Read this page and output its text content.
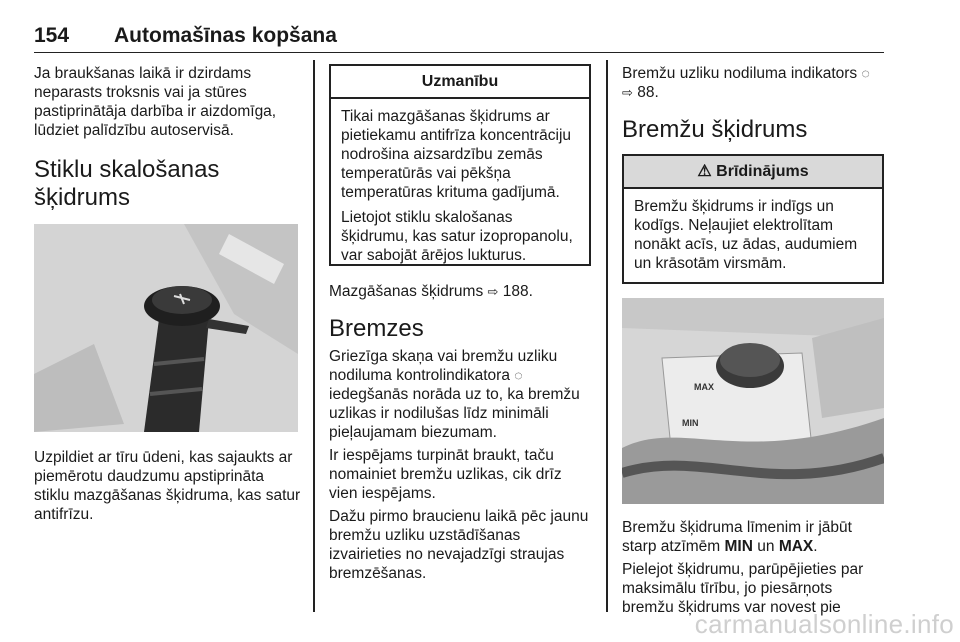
154 Automašīnas kopšana

Ja braukšanas laikā ir dzirdams neparasts troksnis vai ja stūres pastiprinātāja darbība ir aizdomīga, lūdziet palīdzību autoservisā.

Stiklu skalošanas šķidrums

Uzpildiet ar tīru ūdeni, kas sajaukts ar piemērotu daudzumu apstiprināta stiklu mazgāšanas šķidruma, kas satur antifrīzu.

Uzmanību

Tikai mazgāšanas šķidrums ar pietiekamu antifrīza koncentrāciju nodrošina aizsardzību zemās temperatūrās vai pēkšņa temperatūras krituma gadījumā.

Lietojot stiklu skalošanas šķidrumu, kas satur izopropanolu, var sabojāt ārējos lukturus.

Mazgāšanas šķidrums ⇨ 188.

Bremzes

Griezīga skaņa vai bremžu uzliku nodiluma kontrolindikatora ◌ iedegšanās norāda uz to, ka bremžu uzlikas ir nodilušas līdz minimāli pieļaujamam biezumam.

Ir iespējams turpināt braukt, taču nomainiet bremžu uzlikas, cik drīz vien iespējams.

Dažu pirmo braucienu laikā pēc jaunu bremžu uzliku uzstādīšanas izvairieties no nevajadzīgi straujas bremzēšanas.

Bremžu uzliku nodiluma indikators ◌ ⇨ 88.

Bremžu šķidrums
⚠ Brīdinājums

Bremžu šķidrums ir indīgs un kodīgs. Neļaujiet elektrolītam nonākt acīs, uz ādas, audumiem un krāsotām virsmām.

MAX
MIN

Bremžu šķidruma līmenim ir jābūt starp atzīmēm MIN un MAX.

Pielejot šķidrumu, parūpējieties par maksimālu tīrību, jo piesārņots bremžu šķidrums var novest pie

carmanualsonline.info
